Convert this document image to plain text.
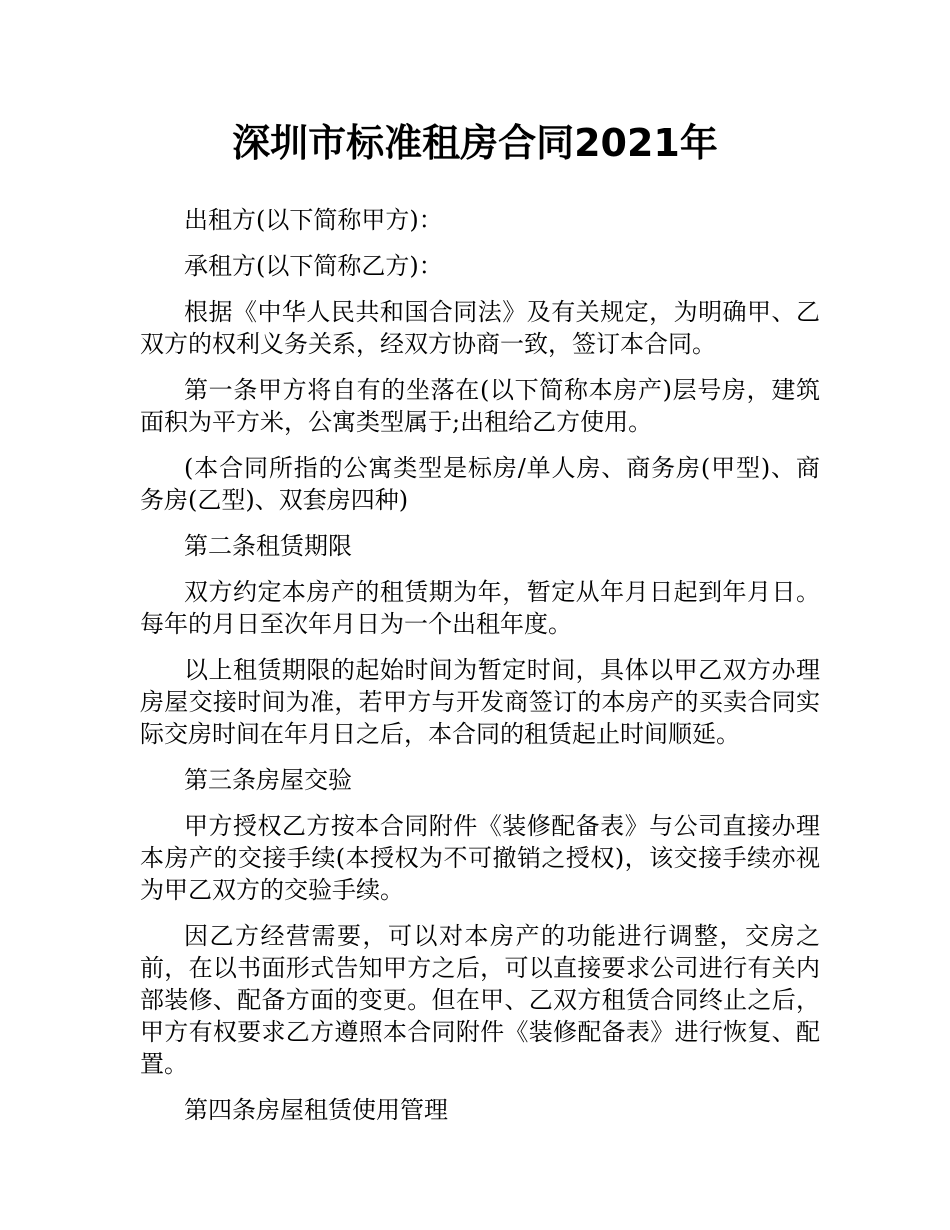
深圳市标准租房合同2021年

出租方(以下简称甲方)：

承租方(以下简称乙方)：

根据《中华人民共和国合同法》及有关规定，为明确甲、乙双方的权利义务关系，经双方协商一致，签订本合同。

第一条甲方将自有的坐落在(以下简称本房产)层号房，建筑面积为平方米，公寓类型属于;出租给乙方使用。

(本合同所指的公寓类型是标房/单人房、商务房(甲型)、商务房(乙型)、双套房四种)

第二条租赁期限

双方约定本房产的租赁期为年，暂定从年月日起到年月日。每年的月日至次年月日为一个出租年度。

以上租赁期限的起始时间为暂定时间，具体以甲乙双方办理房屋交接时间为准，若甲方与开发商签订的本房产的买卖合同实际交房时间在年月日之后，本合同的租赁起止时间顺延。

第三条房屋交验

甲方授权乙方按本合同附件《装修配备表》与公司直接办理本房产的交接手续(本授权为不可撤销之授权)，该交接手续亦视为甲乙双方的交验手续。

因乙方经营需要，可以对本房产的功能进行调整，交房之前，在以书面形式告知甲方之后，可以直接要求公司进行有关内部装修、配备方面的变更。但在甲、乙双方租赁合同终止之后，甲方有权要求乙方遵照本合同附件《装修配备表》进行恢复、配置。

第四条房屋租赁使用管理
